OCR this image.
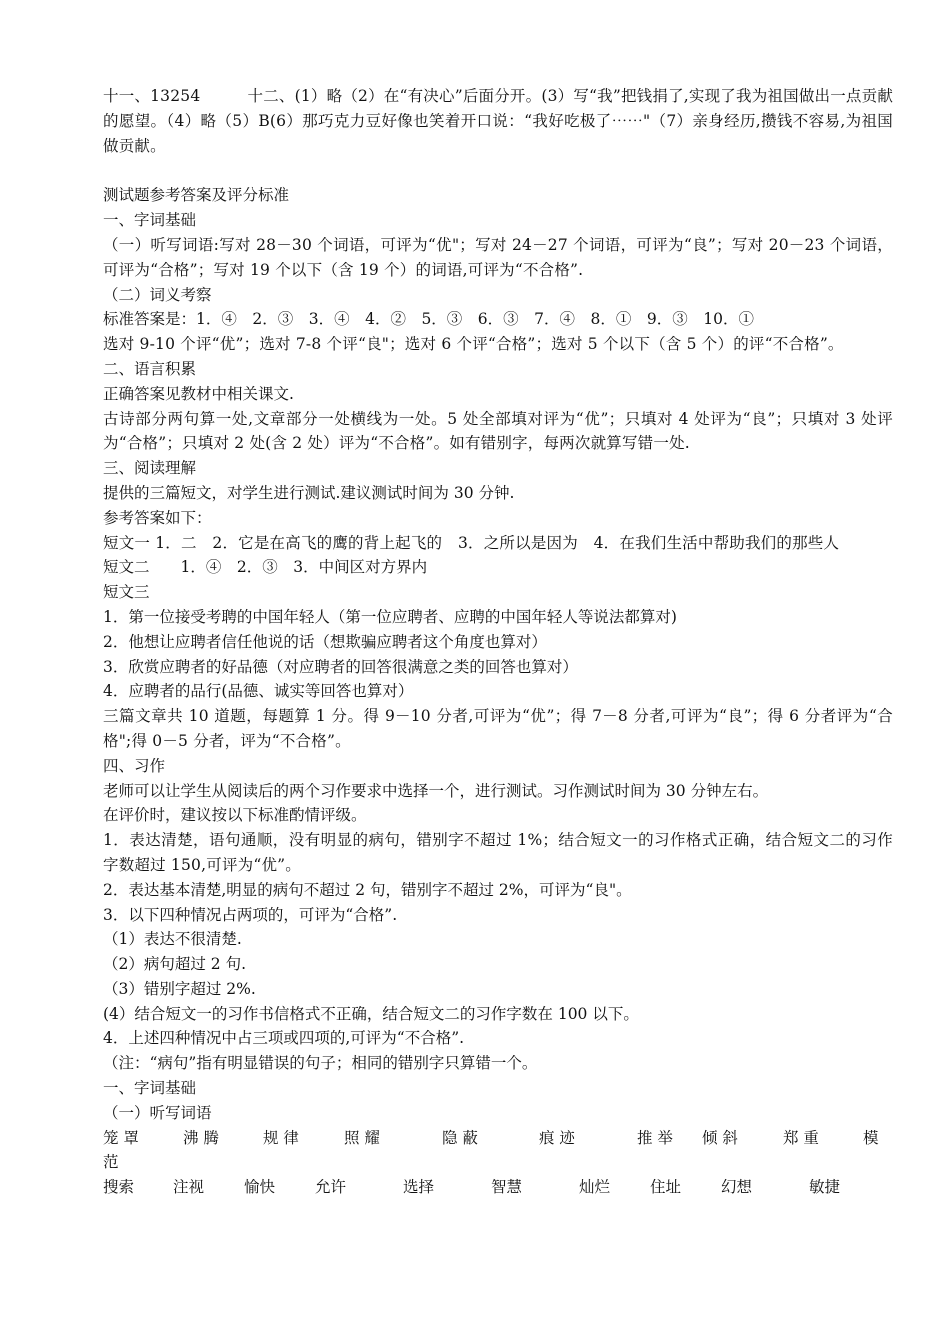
十一、13254　　　十二、(1）略（2）在“有决心”后面分开。(3）写“我”把钱捐了,实现了我为祖国做出一点贡献的愿望。（4）略（5）B(6）那巧克力豆好像也笑着开口说：“我好吃极了⋯⋯"（7）亲身经历,攒钱不容易,为祖国做贡献。

测试题参考答案及评分标准

一、字词基础

（一）听写词语:写对 28－30 个词语，可评为“优"；写对 24－27 个词语，可评为“良”；写对 20－23 个词语，可评为“合格”；写对 19 个以下（含 19 个）的词语,可评为“不合格”.

（二）词义考察

标准答案是：1．④　2．③　3．④　4．②　5．③　6．③　7．④　8．①　9．③　10．①

选对 9-10 个评“优”；选对 7-8 个评“良"；选对 6 个评“合格”；选对 5 个以下（含 5 个）的评“不合格”。

二、语言积累

正确答案见教材中相关课文.

古诗部分两句算一处,文章部分一处横线为一处。5 处全部填对评为“优”；只填对 4 处评为“良”；只填对 3 处评为“合格”；只填对 2 处(含 2 处）评为“不合格”。如有错别字，每两次就算写错一处.

三、阅读理解

提供的三篇短文，对学生进行测试.建议测试时间为 30 分钟.

参考答案如下：

短文一 1．二　2．它是在高飞的鹰的背上起飞的　3．之所以是因为　4．在我们生活中帮助我们的那些人

短文二　　1．④　2．③　3．中间区对方界内

短文三

1．第一位接受考聘的中国年轻人（第一位应聘者、应聘的中国年轻人等说法都算对)

2．他想让应聘者信任他说的话（想欺骗应聘者这个角度也算对）

3．欣赏应聘者的好品德（对应聘者的回答很满意之类的回答也算对）

4．应聘者的品行(品德、诚实等回答也算对）

三篇文章共 10 道题，每题算 1 分。得 9－10 分者,可评为“优”；得 7－8 分者,可评为“良”；得 6 分者评为“合格";得 0－5 分者，评为“不合格”。

四、习作

老师可以让学生从阅读后的两个习作要求中选择一个，进行测试。习作测试时间为 30 分钟左右。

在评价时，建议按以下标准酌情评级。

1．表达清楚，语句通顺，没有明显的病句，错别字不超过 1%；结合短文一的习作格式正确，结合短文二的习作字数超过 150,可评为“优”。

2．表达基本清楚,明显的病句不超过 2 句，错别字不超过 2%，可评为“良"。

3．以下四种情况占两项的，可评为“合格”.

（1）表达不很清楚.

（2）病句超过 2 句.

（3）错别字超过 2%.

(4）结合短文一的习作书信格式不正确，结合短文二的习作字数在 100 以下。

4．上述四种情况中占三项或四项的,可评为“不合格”.

（注：“病句”指有明显错误的句子；相同的错别字只算错一个。

一、字词基础

（一）听写词语

笼 罩	沸 腾	规 律	照 耀	隐 蔽	痕 迹	推 举	倾 斜	郑 重	模

范

搜索	注视	愉快	允许	选择	智慧	灿烂	住址	幻想	敏捷
